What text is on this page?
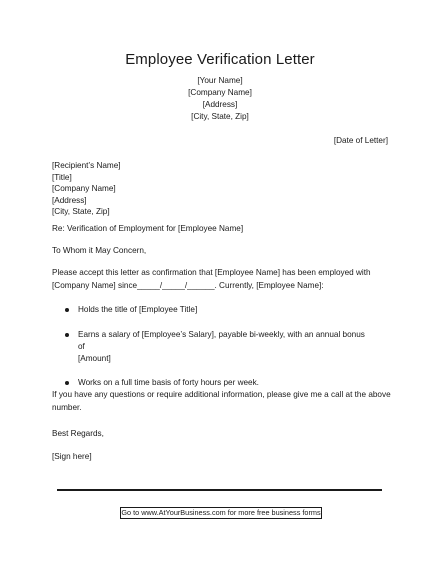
Employee Verification Letter
[Your Name]
[Company Name]
[Address]
[City, State, Zip]
[Date of Letter]
[Recipient’s Name]
[Title]
[Company Name]
[Address]
[City, State, Zip]
Re: Verification of Employment for [Employee Name]
To Whom it May Concern,
Please accept this letter as confirmation that [Employee Name] has been employed with
[Company Name] since_____/_____/______. Currently, [Employee Name]:
Holds the title of [Employee Title]
Earns a salary of [Employee’s Salary], payable bi-weekly, with an annual bonus of
[Amount]
Works on a full time basis of forty hours per week.
If you have any questions or require additional information, please give me a call at the above
number.
Best Regards,
[Sign here]
Go to www.AtYourBusiness.com for more free business forms
